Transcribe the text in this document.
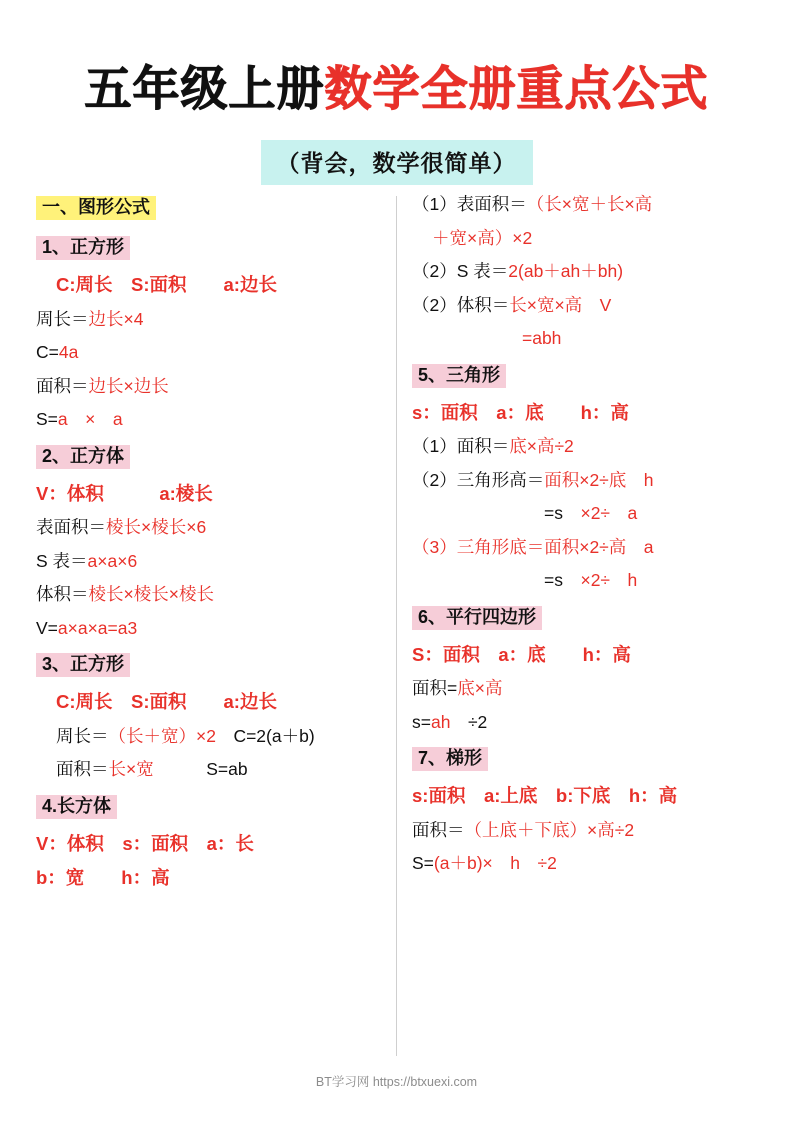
五年级上册数学全册重点公式
（背会，数学很简单）
一、图形公式
1、正方形
C:周长　S:面积　　a:边长
周长＝边长×4
C=4a
面积＝边长×边长
S=a　×　a
2、正方体
V：体积　　　a:棱长
表面积＝棱长×棱长×6
S 表＝a×a×6
体积＝棱长×棱长×棱长
V=a×a×a=a3
3、正方形
C:周长　S:面积　　a:边长
周长＝（长＋宽）×2　C=2(a＋b)
面积＝长×宽　　　S=ab
4.长方体
V：体积　s：面积　a：长
b：宽　　h：高
（1）表面积＝（长×宽＋长×高
＋宽×高）×2
（2）S 表＝2(ab＋ah＋bh)
（2）体积＝长×宽×高　V
=abh
5、三角形
s：面积　a：底　　h：高
（1）面积＝底×高÷2
（2）三角形高＝面积×2÷底　h
=s　×2÷　a
（3）三角形底＝面积×2÷高　a
=s　×2÷　h
6、平行四边形
S：面积　a：底　　h：高
面积=底×高
s=ah　÷2
7、梯形
s:面积　a:上底　b:下底　h：高
面积＝（上底＋下底）×高÷2
S=(a＋b)×　h　÷2
BT学习网 https://btxuexi.com
